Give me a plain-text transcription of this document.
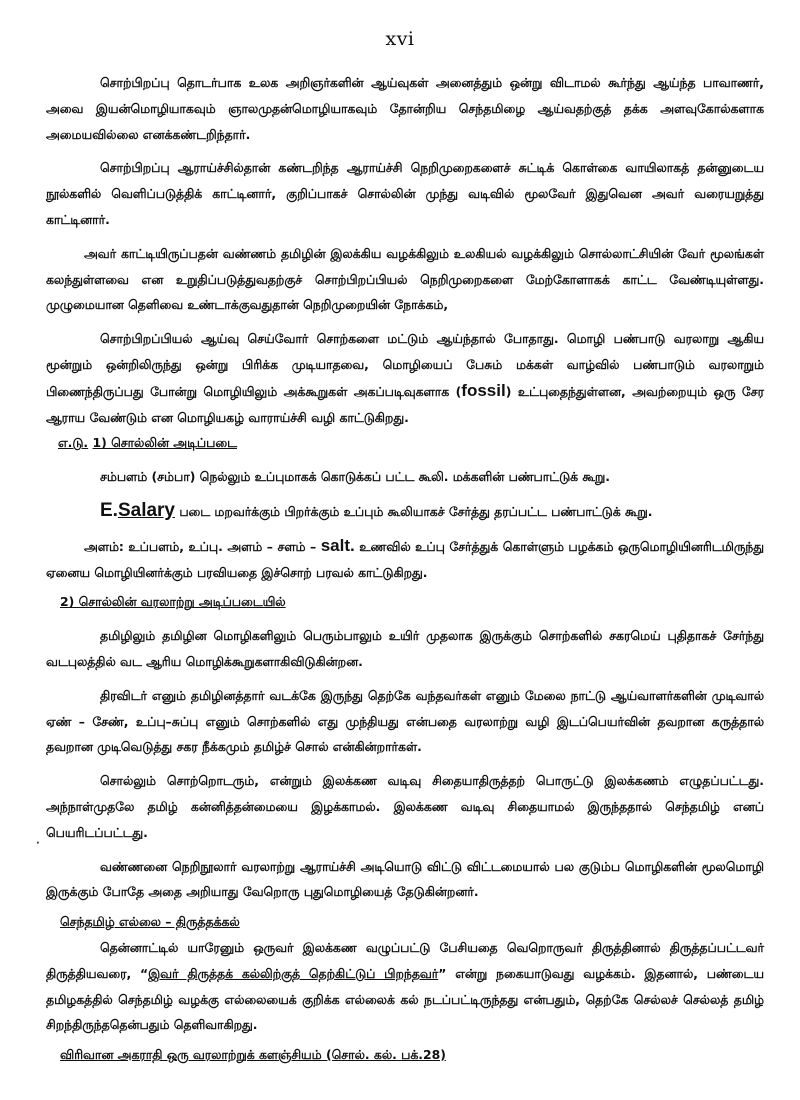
xvi

சொற்பிறப்பு தொடர்பாக உலக அறிஞர்களின் ஆய்வுகள் அனைத்தும் ஒன்று விடாமல் கூர்ந்து ஆய்ந்த பாவாணர், அவை இயன்மொழியாகவும் ஞாலமுதன்மொழியாகவும் தோன்றிய செந்தமிழை ஆய்வதற்குத் தக்க அளவுகோல்களாக அமையவில்லை எனக்கண்டறிந்தார்.

சொற்பிறப்பு ஆராய்ச்சில்தான் கண்டறிந்த ஆராய்ச்சி நெறிமுறைகளைச் சுட்டிக் கொள்கை வாயிலாகத் தன்னுடைய நூல்களில் வெளிப்படுத்திக் காட்டினார், குறிப்பாகச் சொல்லின் முந்து வடிவில் மூலவேர் இதுவென அவர் வரையறுத்து காட்டினார்.

அவர் காட்டியிருப்பதன் வண்ணம் தமிழின் இலக்கிய வழக்கிலும் உலகியல் வழக்கிலும் சொல்லாட்சியின் வேர் மூலங்கள் கலந்துள்ளவை என உறுதிப்படுத்துவதற்குச் சொற்பிறப்பியல் நெறிமுறைகளை மேற்கோளாகக் காட்ட வேண்டியுள்ளது. முழுமையான தெளிவை உண்டாக்குவதுதான் நெறிமுறையின் நோக்கம்,

சொற்பிறப்பியல் ஆய்வு செய்வோர் சொற்களை மட்டும் ஆய்ந்தால் போதாது. மொழி பண்பாடு வரலாறு ஆகிய மூன்றும் ஒன்றிலிருந்து ஒன்று பிரிக்க முடியாதவை, மொழியைப் பேசும் மக்கள் வாழ்வில் பண்பாடும் வரலாறும் பிணைந்திருப்பது போன்று மொழியிலும் அக்கூறுகள் அகப்படிவுகளாக (fossil) உட்புதைந்துள்ளன, அவற்றையும் ஒரு சேர ஆராய வேண்டும் என மொழியகழ் வாராய்ச்சி வழி காட்டுகிறது.

எ.டு. 1) சொல்லின் அடிப்படை

சம்பளம் (சம்பா) நெல்லும் உப்புமாகக் கொடுக்கப் பட்ட கூலி. மக்களின் பண்பாட்டுக் கூறு.

E.Salary படை மறவர்க்கும் பிறர்க்கும் உப்பும் கூலியாகச் சேர்த்து தரப்பட்ட பண்பாட்டுக் கூறு.

அளம்: உப்பளம், உப்பு. அளம் – சளம் – salt. உணவில் உப்பு சேர்த்துக் கொள்ளும் பழக்கம் ஒருமொழியினரிடமிருந்து ஏனைய மொழியினர்க்கும் பரவியதை இச்சொற் பரவல் காட்டுகிறது.

2) சொல்லின் வரலாற்று அடிப்படையில்

தமிழிலும் தமிழின மொழிகளிலும் பெரும்பாலும் உயிர் முதலாக இருக்கும் சொற்களில் சகரமெய் புதிதாகச் சேர்ந்து வடபுலத்தில் வட ஆரிய மொழிக்கூறுகளாகிவிடுகின்றன.

திரவிடர் எனும் தமிழினத்தார் வடக்கே இருந்து தெற்கே வந்தவர்கள் எனும் மேலை நாட்டு ஆய்வாளர்களின் முடிவால் ஏண் – சேண், உப்பு–சுப்பு எனும் சொற்களில் எது முந்தியது என்பதை வரலாற்று வழி இடப்பெயர்வின் தவறான கருத்தால் தவறான முடிவெடுத்து சகர நீக்கமும் தமிழ்ச் சொல் என்கின்றார்கள்.

சொல்லும் சொற்றொடரும், என்றும் இலக்கண வடிவு சிதையாதிருத்தற் பொருட்டு இலக்கணம் எழுதப்பட்டது. அந்நாள்முதலே தமிழ் கன்னித்தன்மையை இழக்காமல். இலக்கண வடிவு சிதையாமல் இருந்ததால் செந்தமிழ் எனப் பெயரிடப்பட்டது.

வண்ணனை நெறிநூலார் வரலாற்று ஆராய்ச்சி அடியொடு விட்டு விட்டமையால் பல குடும்ப மொழிகளின் மூலமொழி இருக்கும் போதே அதை அறியாது வேறொரு புதுமொழியைத் தேடுகின்றனர்.

செந்தமிழ் எல்லை – திருத்தக்கல்

தென்னாட்டில் யாரேனும் ஒருவர் இலக்கண வழுப்பட்டு பேசியதை வெறொருவர் திருத்தினால் திருத்தப்பட்டவர் திருத்தியவரை, “இவர் திருத்தக் கல்லிற்குத் தெற்கிட்டுப் பிறந்தவர்” என்று நகையாடுவது வழக்கம். இதனால், பண்டைய தமிழகத்தில் செந்தமிழ் வழக்கு எல்லையைக் குறிக்க எல்லைக் கல் நடப்பட்டிருந்தது என்பதும், தெற்கே செல்லச் செல்லத் தமிழ் சிறந்திருந்ததென்பதும் தெளிவாகிறது.

விரிவான அகராதி ஒரு வரலாற்றுக் களஞ்சியம் (சொல். கல். பக்.28)

·
